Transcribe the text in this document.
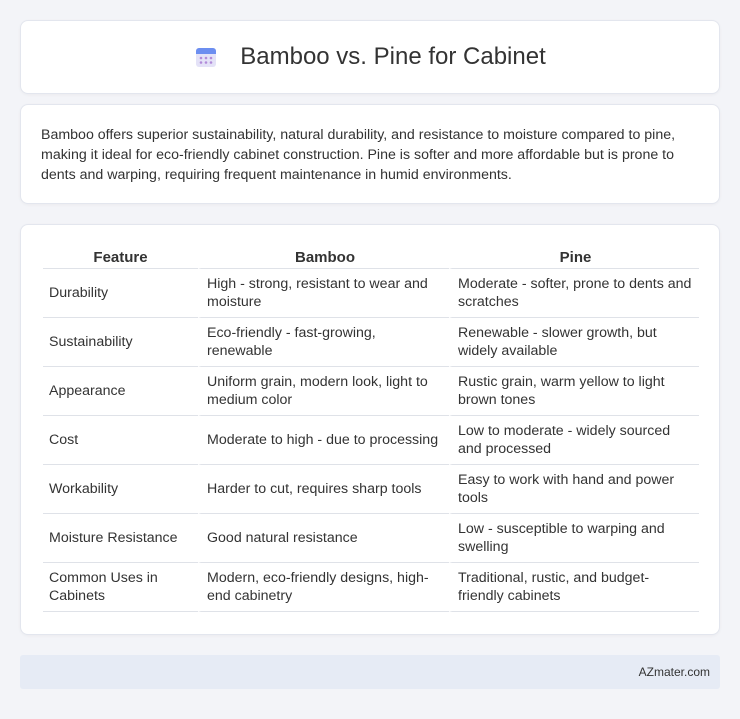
Bamboo vs. Pine for Cabinet

Bamboo offers superior sustainability, natural durability, and resistance to moisture compared to pine, making it ideal for eco-friendly cabinet construction. Pine is softer and more affordable but is prone to dents and warping, requiring frequent maintenance in humid environments.

Feature	Bamboo	Pine
Durability	High - strong, resistant to wear and moisture	Moderate - softer, prone to dents and scratches
Sustainability	Eco-friendly - fast-growing, renewable	Renewable - slower growth, but widely available
Appearance	Uniform grain, modern look, light to medium color	Rustic grain, warm yellow to light brown tones
Cost	Moderate to high - due to processing	Low to moderate - widely sourced and processed
Workability	Harder to cut, requires sharp tools	Easy to work with hand and power tools
Moisture Resistance	Good natural resistance	Low - susceptible to warping and swelling
Common Uses in Cabinets	Modern, eco-friendly designs, high-end cabinetry	Traditional, rustic, and budget-friendly cabinets
AZmater.com
